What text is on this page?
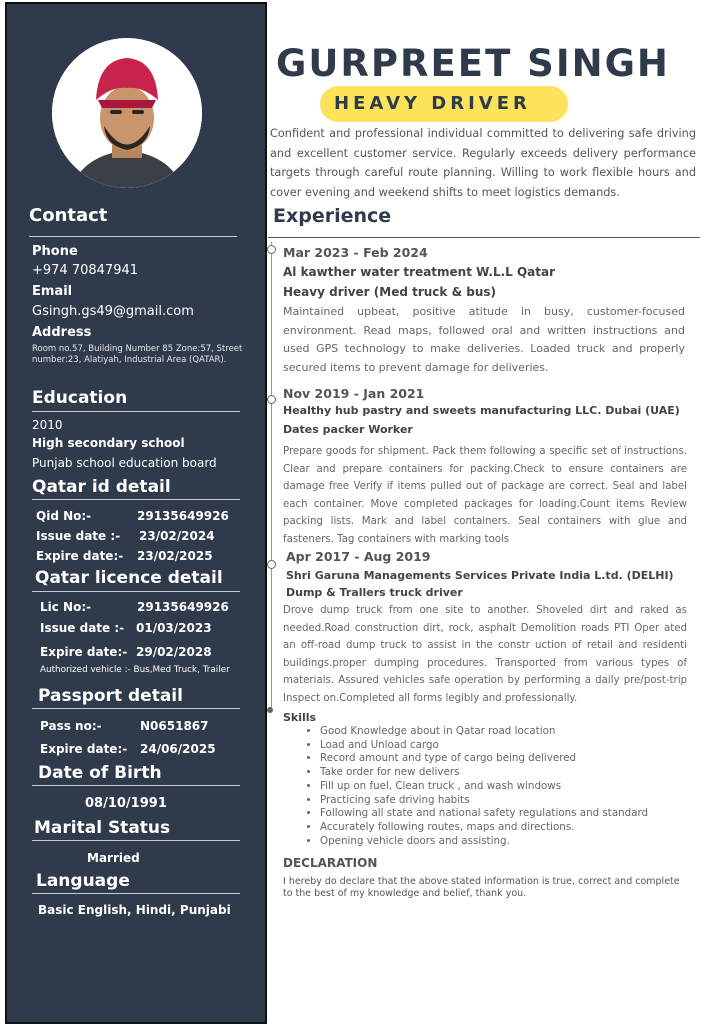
Contact
Phone
+974 70847941
Email
Gsingh.gs49@gmail.com
Address
Room no.57, Building Number 85 Zone:57, Street number:23, Alatiyah, Industrial Area (QATAR).
Education
2010
High secondary school
Punjab school education board
Qatar id detail
Qid No:-	29135649926
Issue date :- 23/02/2024
Expire date:- 23/02/2025
Qatar licence detail
Lic No:-	29135649926
Issue date :- 01/03/2023
Expire date:- 29/02/2028
Authorized vehicle :- Bus,Med Truck, Trailer
Passport detail
Pass no:-	N0651867
Expire date:- 24/06/2025
Date of Birth
08/10/1991
Marital Status
Married
Language
Basic English, Hindi, Punjabi
GURPREET SINGH
HEAVY DRIVER
Confident and professional individual committed to delivering safe driving and excellent customer service. Regularly exceeds delivery performance targets through careful route planning. Willing to work flexible hours and cover evening and weekend shifts to meet logistics demands.
Experience
Mar 2023 - Feb 2024
Al kawther water treatment W.L.L Qatar
Heavy driver (Med truck & bus)
Maintained upbeat, positive atitude in busy, customer-focused environment. Read maps, followed oral and written instructions and used GPS technology to make deliveries. Loaded truck and properly secured items to prevent damage for deliveries.
Nov 2019 - Jan 2021
Healthy hub pastry and sweets manufacturing LLC. Dubai (UAE)
Dates packer Worker
Prepare goods for shipment. Pack them following a specific set of instructions. Clear and prepare containers for packing.Check to ensure containers are damage free Verify if items pulled out of package are correct. Seal and label each container. Move completed packages for loading.Count items Review packing lists. Mark and label containers. Seal containers with glue and fasteners. Tag containers with marking tools
Apr 2017 - Aug 2019
Shri Garuna Managements Services Private India L.td. (DELHI)
Dump & Trallers truck driver
Drove dump truck from one site to another. Shoveled dirt and raked as needed.Road construction dirt, rock, asphalt Demolition roads PTI Oper ated an off-road dump truck to assist in the constr uction of retail and residenti buildings.proper dumping procedures. Transported from various types of materials. Assured vehicles safe operation by performing a daily pre/post-trip Inspect on.Completed all forms legibly and professionally.
Skills
• Good Knowledge about in Qatar road location
• Load and Unload cargo
• Record amount and type of cargo being delivered
• Take order for new delivers
• Fill up on fuel, Clean truck , and wash windows
• Practicing safe driving habits
• Following all state and national safety regulations and standard
• Accurately following routes, maps and directions.
• Opening vehicle doors and assisting.
DECLARATION
I hereby do declare that the above stated information is true, correct and complete to the best of my knowledge and belief, thank you.
